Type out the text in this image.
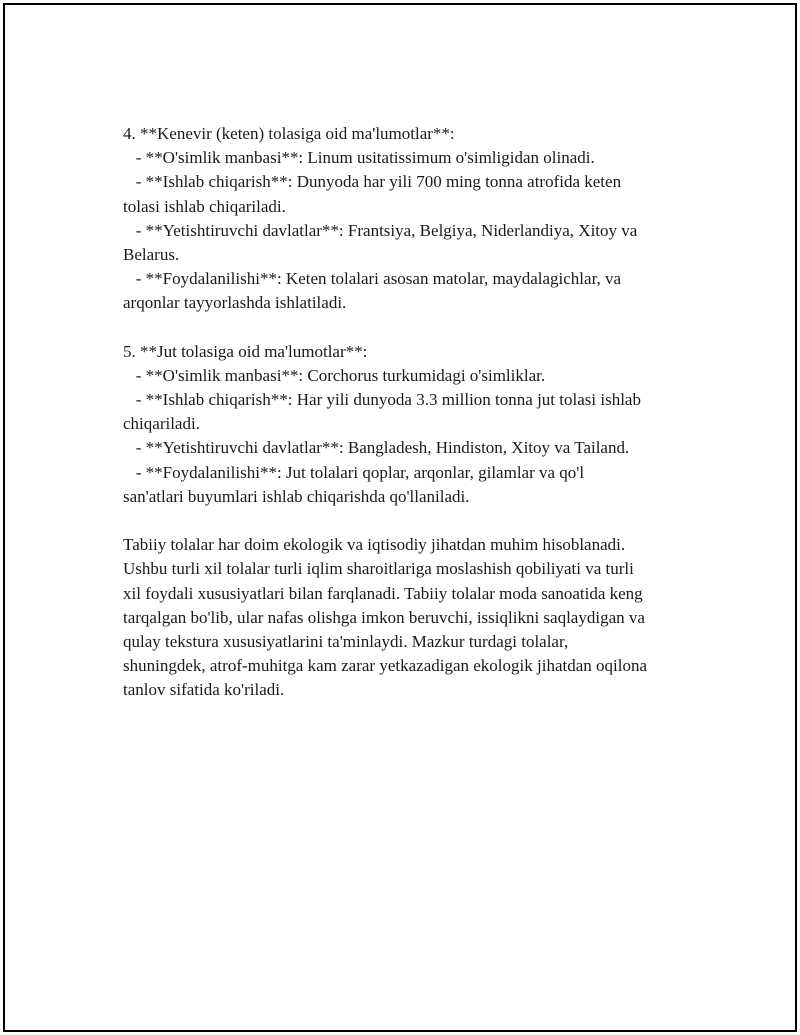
4. **Kenevir (keten) tolasiga oid ma'lumotlar**:
- **O'simlik manbasi**: Linum usitatissimum o'simligidan olinadi.
- **Ishlab chiqarish**: Dunyoda har yili 700 ming tonna atrofida keten
tolasi ishlab chiqariladi.
- **Yetishtiruvchi davlatlar**: Frantsiya, Belgiya, Niderlandiya, Xitoy va
Belarus.
- **Foydalanilishi**: Keten tolalari asosan matolar, maydalagichlar, va
arqonlar tayyorlashda ishlatiladi.
5. **Jut tolasiga oid ma'lumotlar**:
- **O'simlik manbasi**: Corchorus turkumidagi o'simliklar.
- **Ishlab chiqarish**: Har yili dunyoda 3.3 million tonna jut tolasi ishlab
chiqariladi.
- **Yetishtiruvchi davlatlar**: Bangladesh, Hindiston, Xitoy va Tailand.
- **Foydalanilishi**: Jut tolalari qoplar, arqonlar, gilamlar va qo'l
san'atlari buyumlari ishlab chiqarishda qo'llaniladi.
Tabiiy tolalar har doim ekologik va iqtisodiy jihatdan muhim hisoblanadi.
Ushbu turli xil tolalar turli iqlim sharoitlariga moslashish qobiliyati va turli
xil foydali xususiyatlari bilan farqlanadi. Tabiiy tolalar moda sanoatida keng
tarqalgan bo'lib, ular nafas olishga imkon beruvchi, issiqlikni saqlaydigan va
qulay tekstura xususiyatlarini ta'minlaydi. Mazkur turdagi tolalar,
shuningdek, atrof-muhitga kam zarar yetkazadigan ekologik jihatdan oqilona
tanlov sifatida ko'riladi.
